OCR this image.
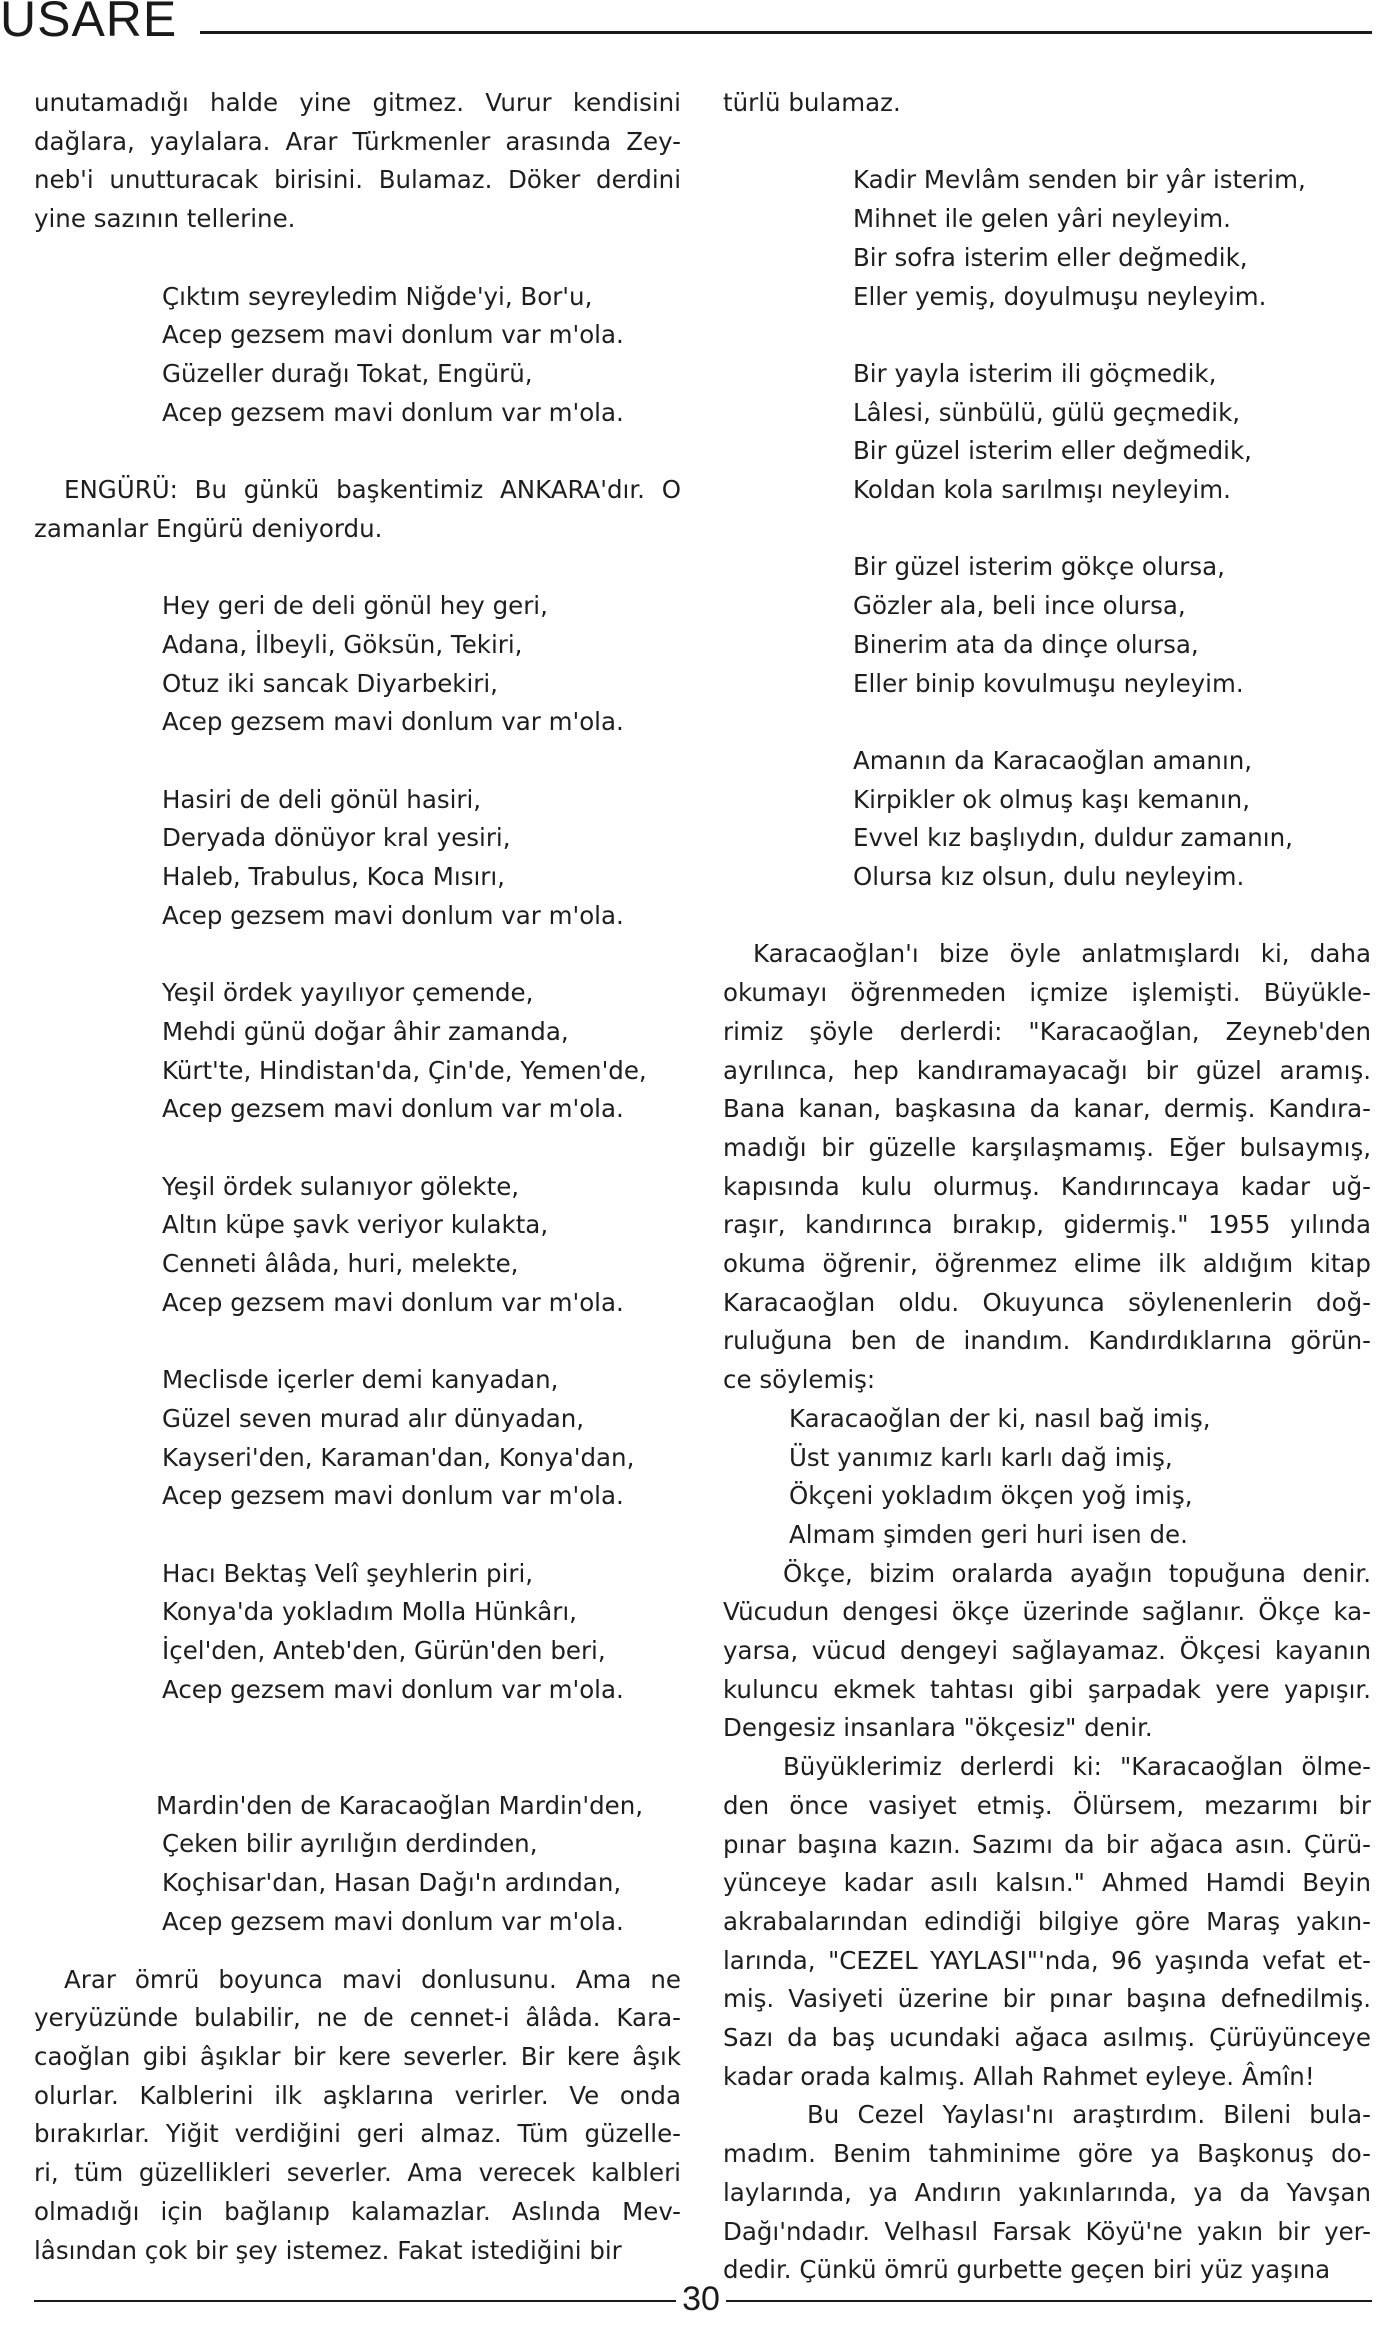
USARE
unutamadığı halde yine gitmez. Vurur kendisini
dağlara, yaylalara. Arar Türkmenler arasında Zey-
neb'i unutturacak birisini. Bulamaz. Döker derdini
yine sazının tellerine.
Çıktım seyreyledim Niğde'yi, Bor'u,
Acep gezsem mavi donlum var m'ola.
Güzeller durağı Tokat, Engürü,
Acep gezsem mavi donlum var m'ola.
ENGÜRÜ: Bu günkü başkentimiz ANKARA'dır. O
zamanlar Engürü deniyordu.
Hey geri de deli gönül hey geri,
Adana, İlbeyli, Göksün, Tekiri,
Otuz iki sancak Diyarbekiri,
Acep gezsem mavi donlum var m'ola.
Hasiri de deli gönül hasiri,
Deryada dönüyor kral yesiri,
Haleb, Trabulus, Koca Mısırı,
Acep gezsem mavi donlum var m'ola.
Yeşil ördek yayılıyor çemende,
Mehdi günü doğar âhir zamanda,
Kürt'te, Hindistan'da, Çin'de, Yemen'de,
Acep gezsem mavi donlum var m'ola.
Yeşil ördek sulanıyor gölekte,
Altın küpe şavk veriyor kulakta,
Cenneti âlâda, huri, melekte,
Acep gezsem mavi donlum var m'ola.
Meclisde içerler demi kanyadan,
Güzel seven murad alır dünyadan,
Kayseri'den, Karaman'dan, Konya'dan,
Acep gezsem mavi donlum var m'ola.
Hacı Bektaş Velî şeyhlerin piri,
Konya'da yokladım Molla Hünkârı,
İçel'den, Anteb'den, Gürün'den beri,
Acep gezsem mavi donlum var m'ola.
Mardin'den de Karacaoğlan Mardin'den,
Çeken bilir ayrılığın derdinden,
Koçhisar'dan, Hasan Dağı'n ardından,
Acep gezsem mavi donlum var m'ola.
Arar ömrü boyunca mavi donlusunu. Ama ne
yeryüzünde bulabilir, ne de cennet-i âlâda. Kara-
caoğlan gibi âşıklar bir kere severler. Bir kere âşık
olurlar. Kalblerini ilk aşklarına verirler. Ve onda
bırakırlar. Yiğit verdiğini geri almaz. Tüm güzelle-
ri, tüm güzellikleri severler. Ama verecek kalbleri
olmadığı için bağlanıp kalamazlar. Aslında Mev-
lâsından çok bir şey istemez. Fakat istediğini bir
türlü bulamaz.
Kadir Mevlâm senden bir yâr isterim,
Mihnet ile gelen yâri neyleyim.
Bir sofra isterim eller değmedik,
Eller yemiş, doyulmuşu neyleyim.
Bir yayla isterim ili göçmedik,
Lâlesi, sünbülü, gülü geçmedik,
Bir güzel isterim eller değmedik,
Koldan kola sarılmışı neyleyim.
Bir güzel isterim gökçe olursa,
Gözler ala, beli ince olursa,
Binerim ata da dinçe olursa,
Eller binip kovulmuşu neyleyim.
Amanın da Karacaoğlan amanın,
Kirpikler ok olmuş kaşı kemanın,
Evvel kız başlıydın, duldur zamanın,
Olursa kız olsun, dulu neyleyim.
Karacaoğlan'ı bize öyle anlatmışlardı ki, daha
okumayı öğrenmeden içmize işlemişti. Büyükle-
rimiz şöyle derlerdi: "Karacaoğlan, Zeyneb'den
ayrılınca, hep kandıramayacağı bir güzel aramış.
Bana kanan, başkasına da kanar, dermiş. Kandıra-
madığı bir güzelle karşılaşmamış. Eğer bulsaymış,
kapısında kulu olurmuş. Kandırıncaya kadar uğ-
raşır, kandırınca bırakıp, gidermiş." 1955 yılında
okuma öğrenir, öğrenmez elime ilk aldığım kitap
Karacaoğlan oldu. Okuyunca söylenenlerin doğ-
ruluğuna ben de inandım. Kandırdıklarına görün-
ce söylemiş:
Karacaoğlan der ki, nasıl bağ imiş,
Üst yanımız karlı karlı dağ imiş,
Ökçeni yokladım ökçen yoğ imiş,
Almam şimden geri huri isen de.
Ökçe, bizim oralarda ayağın topuğuna denir.
Vücudun dengesi ökçe üzerinde sağlanır. Ökçe ka-
yarsa, vücud dengeyi sağlayamaz. Ökçesi kayanın
kuluncu ekmek tahtası gibi şarpadak yere yapışır.
Dengesiz insanlara "ökçesiz" denir.
Büyüklerimiz derlerdi ki: "Karacaoğlan ölme-
den önce vasiyet etmiş. Ölürsem, mezarımı bir
pınar başına kazın. Sazımı da bir ağaca asın. Çürü-
yünceye kadar asılı kalsın." Ahmed Hamdi Beyin
akrabalarından edindiği bilgiye göre Maraş yakın-
larında, "CEZEL YAYLASI"'nda, 96 yaşında vefat et-
miş. Vasiyeti üzerine bir pınar başına defnedilmiş.
Sazı da baş ucundaki ağaca asılmış. Çürüyünceye
kadar orada kalmış. Allah Rahmet eyleye. Âmîn!
Bu Cezel Yaylası'nı araştırdım. Bileni bula-
madım. Benim tahminime göre ya Başkonuş do-
laylarında, ya Andırın yakınlarında, ya da Yavşan
Dağı'ndadır. Velhasıl Farsak Köyü'ne yakın bir yer-
dedir. Çünkü ömrü gurbette geçen biri yüz yaşına
30
